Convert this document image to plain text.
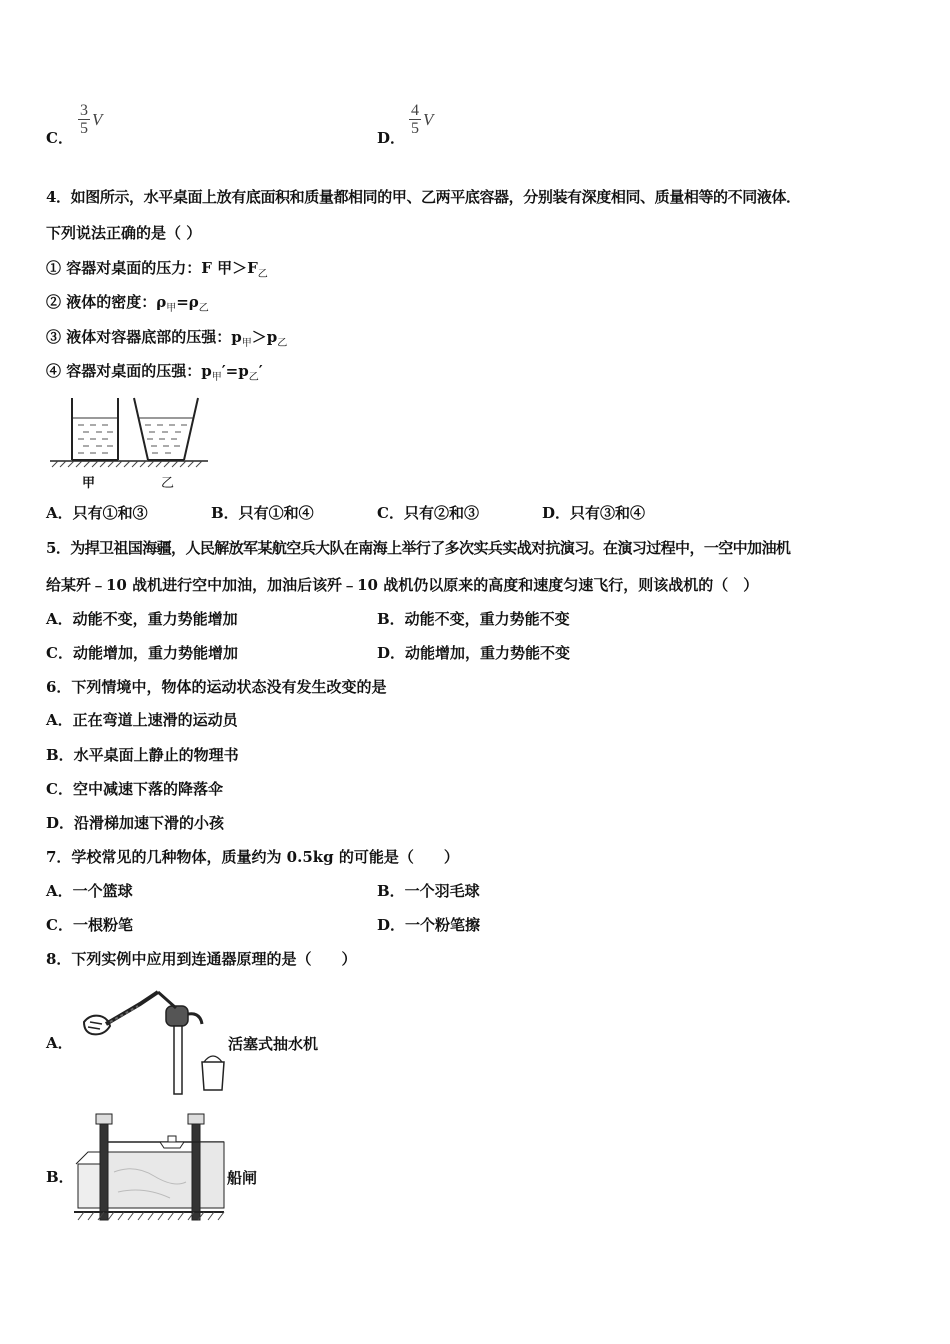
C．
3
5 V
D．
4
5 V
4．如图所示，水平桌面上放有底面积和质量都相同的甲、乙两平底容器，分别装有深度相同、质量相等的不同液体．
下列说法正确的是（ ）
① 容器对桌面的压力：F 甲$>F_乙$
② 液体的密度：$\rho_甲=\rho_乙$
③ 液体对容器底部的压强：$p_甲>p_乙$
④ 容器对桌面的压强：$p_甲'=p_乙'$
甲	乙
A．只有①和③	B．只有①和④	C．只有②和③	D．只有③和④
5．为捍卫祖国海疆，人民解放军某航空兵大队在南海上举行了多次实兵实战对抗演习。在演习过程中，一空中加油机
给某歼﹣10 战机进行空中加油，加油后该歼﹣10 战机仍以原来的高度和速度匀速飞行，则该战机的（　）
A．动能不变，重力势能增加	B．动能不变，重力势能不变
C．动能增加，重力势能增加	D．动能增加，重力势能不变
6．下列情境中，物体的运动状态没有发生改变的是
A．正在弯道上速滑的运动员
B．水平桌面上静止的物理书
C．空中减速下落的降落伞
D．沿滑梯加速下滑的小孩
7．学校常见的几种物体，质量约为 0.5kg 的可能是（　　）
A．一个篮球	B．一个羽毛球
C．一根粉笔	D．一个粉笔擦
8．下列实例中应用到连通器原理的是（　　）
A．	活塞式抽水机
B．	船闸
